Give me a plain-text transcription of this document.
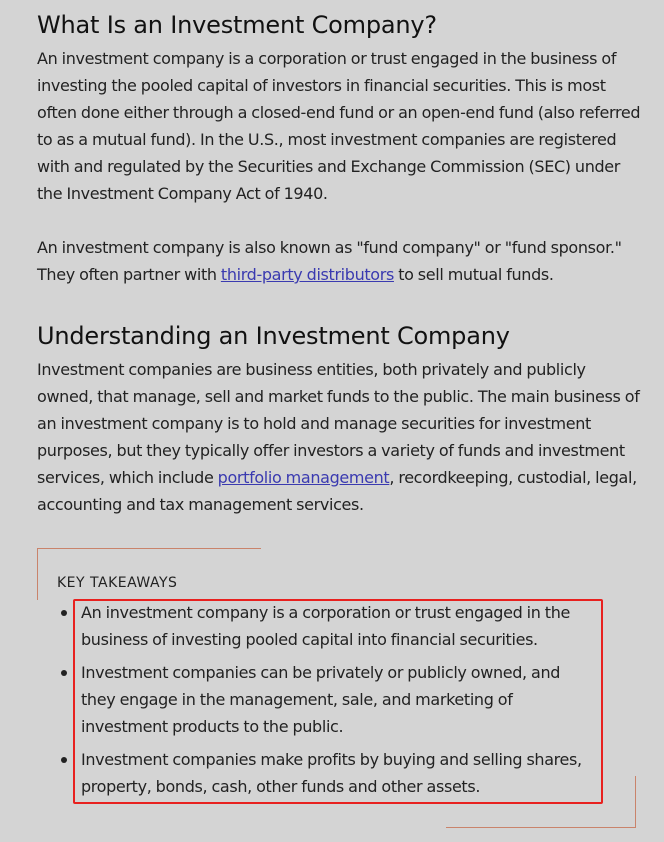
What Is an Investment Company?

An investment company is a corporation or trust engaged in the business of investing the pooled capital of investors in financial securities. This is most often done either through a closed-end fund or an open-end fund (also referred to as a mutual fund). In the U.S., most investment companies are registered with and regulated by the Securities and Exchange Commission (SEC) under the Investment Company Act of 1940.

An investment company is also known as "fund company" or "fund sponsor." They often partner with third-party distributors to sell mutual funds.

Understanding an Investment Company

Investment companies are business entities, both privately and publicly owned, that manage, sell and market funds to the public. The main business of an investment company is to hold and manage securities for investment purposes, but they typically offer investors a variety of funds and investment services, which include portfolio management, recordkeeping, custodial, legal, accounting and tax management services.

KEY TAKEAWAYS
An investment company is a corporation or trust engaged in the business of investing pooled capital into financial securities.
Investment companies can be privately or publicly owned, and they engage in the management, sale, and marketing of investment products to the public.
Investment companies make profits by buying and selling shares, property, bonds, cash, other funds and other assets.
